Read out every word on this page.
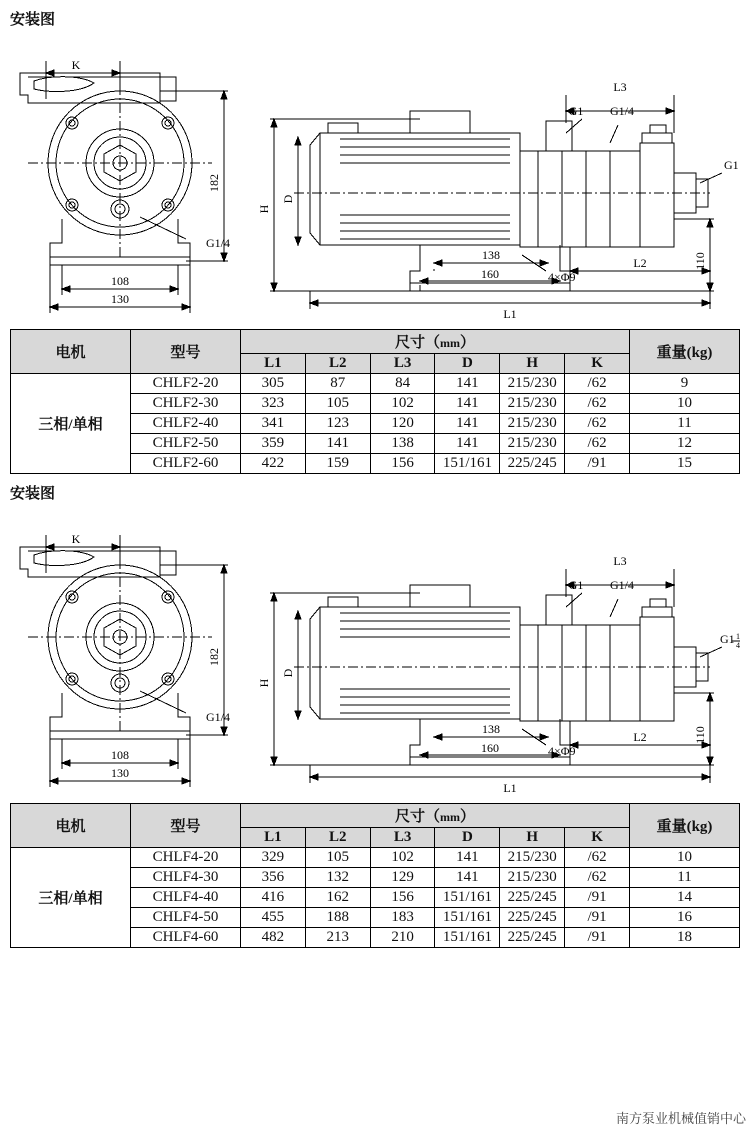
安装图
K
182
G1/4
108
130
H
D
L3
G1 G1/4
G1
110
4×Φ9
138
160
L2
L1
电机	型号	尺寸（mm）						重量(kg)
		L1	L2	L3	D	H	K	
三相/单相	CHLF2-20	305	87	84	141	215/230	/62	9
	CHLF2-30	323	105	102	141	215/230	/62	10
	CHLF2-40	341	123	120	141	215/230	/62	11
	CHLF2-50	359	141	138	141	215/230	/62	12
	CHLF2-60	422	159	156	151/161	225/245	/91	15
安装图
K
182
G1/4
108
130
H
D
L3
G1 G1/4
G1 1
4
110
4×Φ9
138
160
L2
L1
电机	型号	尺寸（mm）						重量(kg)
		L1	L2	L3	D	H	K	
三相/单相	CHLF4-20	329	105	102	141	215/230	/62	10
	CHLF4-30	356	132	129	141	215/230	/62	11
	CHLF4-40	416	162	156	151/161	225/245	/91	14
	CHLF4-50	455	188	183	151/161	225/245	/91	16
	CHLF4-60	482	213	210	151/161	225/245	/91	18
南方泵业机械值销中心
